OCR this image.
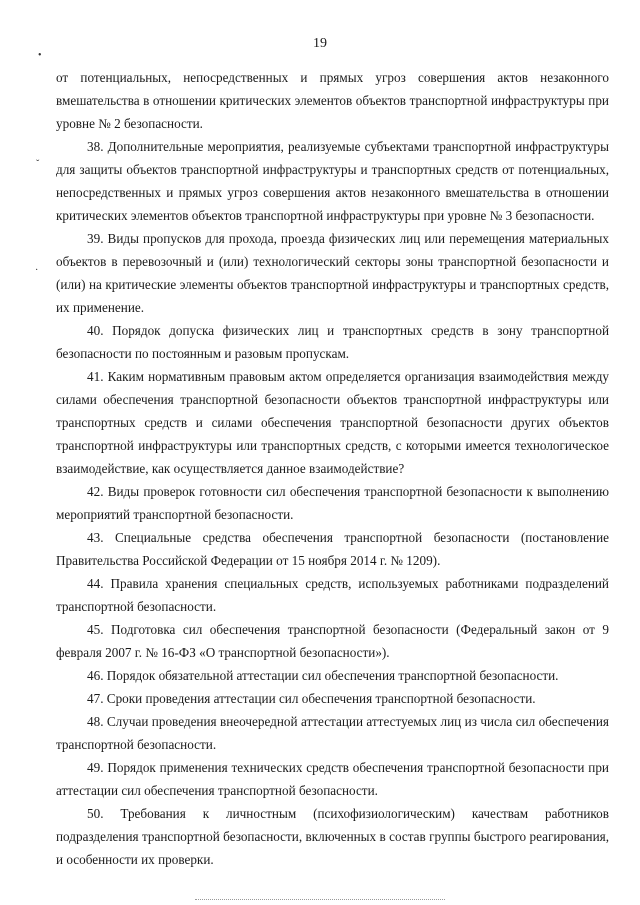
19
•
ˇ
·

от потенциальных, непосредственных и прямых угроз совершения актов незаконного вмешательства в отношении критических элементов объектов транспортной инфраструктуры при уровне № 2 безопасности.

38. Дополнительные мероприятия, реализуемые субъектами транспортной инфраструктуры для защиты объектов транспортной инфраструктуры и транспортных средств от потенциальных, непосредственных и прямых угроз совершения актов незаконного вмешательства в отношении критических элементов объектов транспортной инфраструктуры при уровне № 3 безопасности.

39. Виды пропусков для прохода, проезда физических лиц или перемещения материальных объектов в перевозочный и (или) технологический секторы зоны транспортной безопасности и (или) на критические элементы объектов транспортной инфраструктуры и транспортных средств, их применение.

40. Порядок допуска физических лиц и транспортных средств в зону транспортной безопасности по постоянным и разовым пропускам.

41. Каким нормативным правовым актом определяется организация взаимодействия между силами обеспечения транспортной безопасности объектов транспортной инфраструктуры или транспортных средств и силами обеспечения транспортной безопасности других объектов транспортной инфраструктуры или транспортных средств, с которыми имеется технологическое взаимодействие, как осуществляется данное взаимодействие?

42. Виды проверок готовности сил обеспечения транспортной безопасности к выполнению мероприятий транспортной безопасности.

43. Специальные средства обеспечения транспортной безопасности (постановление Правительства Российской Федерации от 15 ноября 2014 г. № 1209).

44. Правила хранения специальных средств, используемых работниками подразделений транспортной безопасности.

45. Подготовка сил обеспечения транспортной безопасности (Федеральный закон от 9 февраля 2007 г. № 16-ФЗ «О транспортной безопасности»).

46. Порядок обязательной аттестации сил обеспечения транспортной безопасности.

47. Сроки проведения аттестации сил обеспечения транспортной безопасности.

48. Случаи проведения внеочередной аттестации аттестуемых лиц из числа сил обеспечения транспортной безопасности.

49. Порядок применения технических средств обеспечения транспортной безопасности при аттестации сил обеспечения транспортной безопасности.

50. Требования к личностным (психофизиологическим) качествам работников подразделения транспортной безопасности, включенных в состав группы быстрого реагирования, и особенности их проверки.
